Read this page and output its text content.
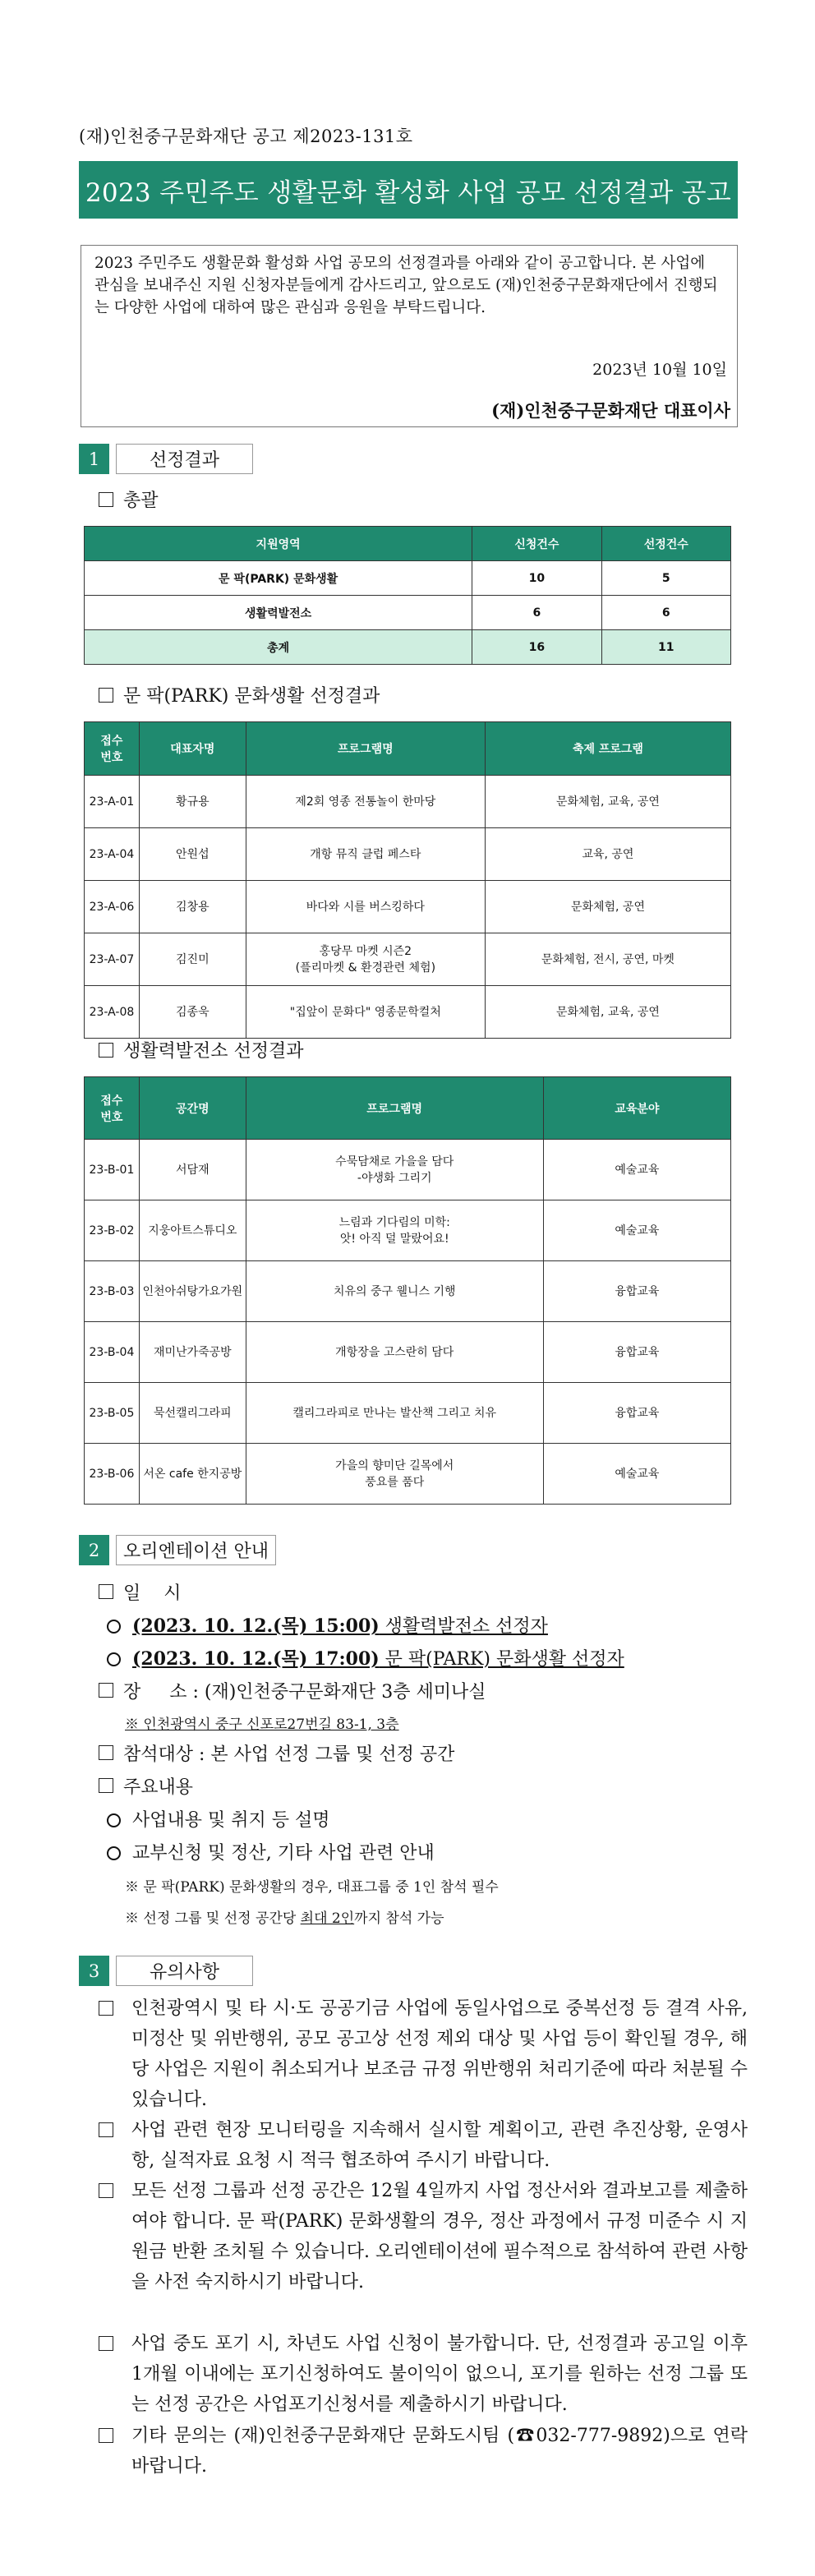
(재)인천중구문화재단 공고 제2023-131호
2023 주민주도 생활문화 활성화 사업 공모 선정결과 공고
2023 주민주도 생활문화 활성화 사업 공모의 선정결과를 아래와 같이 공고합니다. 본 사업에 관심을 보내주신 지원 신청자분들에게 감사드리고, 앞으로도 (재)인천중구문화재단에서 진행되는 다양한 사업에 대하여 많은 관심과 응원을 부탁드립니다.
2023년 10월 10일
(재)인천중구문화재단 대표이사
1	선정결과
총괄
지원영역	신청건수	선정건수
문 팍(PARK) 문화생활	10	5
생활력발전소	6	6
총계	16	11
문 팍(PARK) 문화생활 선정결과
접수
번호	대표자명	프로그램명	축제 프로그램
23-A-01	황규용	제2회 영종 전통놀이 한마당	문화체험, 교육, 공연
23-A-04	안원섭	개항 뮤직 클럽 페스타	교육, 공연
23-A-06	김창용	바다와 시를 버스킹하다	문화체험, 공연
23-A-07	김진미	홍당무 마켓 시즌2
(플리마켓 & 환경관련 체험)	문화체험, 전시, 공연, 마켓
23-A-08	김종욱	"집앞이 문화다" 영종문학컬처	문화체험, 교육, 공연
생활력발전소 선정결과
접수
번호	공간명	프로그램명	교육분야
23-B-01	서담재	수묵담채로 가을을 담다
-야생화 그리기	예술교육
23-B-02	지웅아트스튜디오	느림과 기다림의 미학:
앗! 아직 덜 말랐어요!	예술교육
23-B-03	인천아쉬탕가요가원	치유의 중구 웰니스 기행	융합교육
23-B-04	재미난가죽공방	개항장을 고스란히 담다	융합교육
23-B-05	묵선캘리그라피	캘리그라피로 만나는 발산책 그리고 치유	융합교육
23-B-06	서온 cafe 한지공방	가을의 향미단 길목에서
풍요를 품다	예술교육
2	오리엔테이션 안내
일    시
(2023. 10. 12.(목) 15:00) 생활력발전소 선정자
(2023. 10. 12.(목) 17:00) 문 팍(PARK) 문화생활 선정자
장     소 : (재)인천중구문화재단 3층 세미나실
※ 인천광역시 중구 신포로27번길 83-1, 3층
참석대상 : 본 사업 선정 그룹 및 선정 공간
주요내용
사업내용 및 취지 등 설명
교부신청 및 정산, 기타 사업 관련 안내
※ 문 팍(PARK) 문화생활의 경우, 대표그룹 중 1인 참석 필수
※ 선정 그룹 및 선정 공간당 최대 2인까지 참석 가능
3	유의사항
인천광역시 및 타 시·도 공공기금 사업에 동일사업으로 중복선정 등 결격 사유, 미정산 및 위반행위, 공모 공고상 선정 제외 대상 및 사업 등이 확인될 경우, 해당 사업은 지원이 취소되거나 보조금 규정 위반행위 처리기준에 따라 처분될 수 있습니다.
사업 관련 현장 모니터링을 지속해서 실시할 계획이고, 관련 추진상황, 운영사항, 실적자료 요청 시 적극 협조하여 주시기 바랍니다.
모든 선정 그룹과 선정 공간은 12월 4일까지 사업 정산서와 결과보고를 제출하여야 합니다. 문 팍(PARK) 문화생활의 경우, 정산 과정에서 규정 미준수 시 지원금 반환 조치될 수 있습니다. 오리엔테이션에 필수적으로 참석하여 관련 사항을 사전 숙지하시기 바랍니다.
사업 중도 포기 시, 차년도 사업 신청이 불가합니다. 단, 선정결과 공고일 이후 1개월 이내에는 포기신청하여도 불이익이 없으니, 포기를 원하는 선정 그룹 또는 선정 공간은 사업포기신청서를 제출하시기 바랍니다.
기타 문의는 (재)인천중구문화재단 문화도시팀 (☎032-777-9892)으로 연락 바랍니다.
